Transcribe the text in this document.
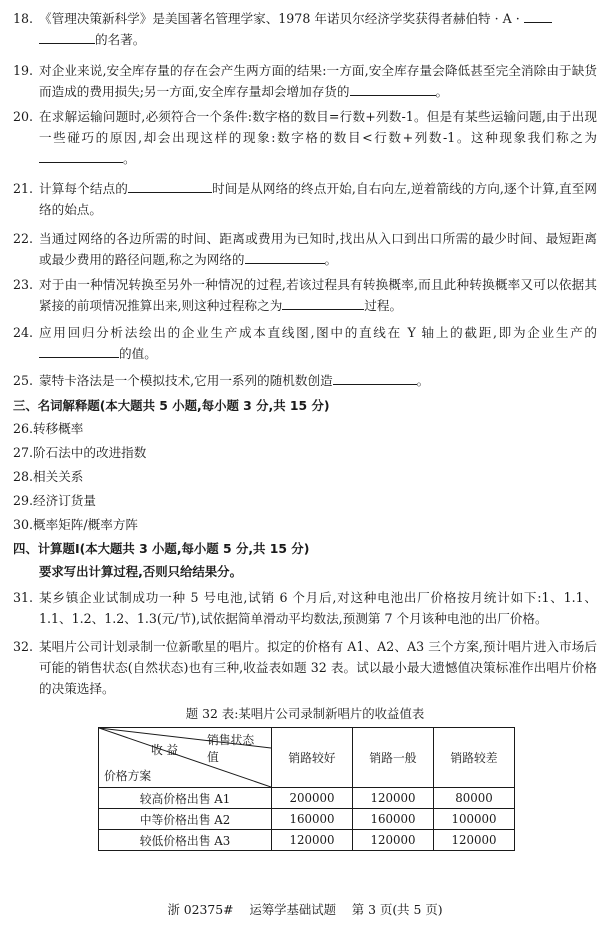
18. 《管理决策新科学》是美国著名管理学家、1978 年诺贝尔经济学奖获得者赫伯特 · A ·
的名著。
19. 对企业来说,安全库存量的存在会产生两方面的结果:一方面,安全库存量会降低甚至完全消除由于缺货而造成的费用损失;另一方面,安全库存量却会增加存货的	。
20. 在求解运输问题时,必须符合一个条件:数字格的数目=行数+列数-1。但是有某些运输问题,由于出现一些碰巧的原因,却会出现这样的现象:数字格的数目<行数+列数-1。这种现象我们称之为。
21. 计算每个结点的	时间是从网络的终点开始,自右向左,逆着箭线的方向,逐个计算,直至网络的始点。
22. 当通过网络的各边所需的时间、距离或费用为已知时,找出从入口到出口所需的最少时间、最短距离或最少费用的路径问题,称之为网络的	。
23. 对于由一种情况转换至另外一种情况的过程,若该过程具有转换概率,而且此种转换概率又可以依据其紧接的前项情况推算出来,则这种过程称之为	过程。
24. 应用回归分析法绘出的企业生产成本直线图,图中的直线在 Y 轴上的截距,即为企业生产的的值。
25. 蒙特卡洛法是一个模拟技术,它用一系列的随机数创造	。
三、名词解释题(本大题共 5 小题,每小题 3 分,共 15 分)
26.转移概率
27.阶石法中的改进指数
28.相关关系
29.经济订货量
30.概率矩阵/概率方阵
四、计算题Ⅰ(本大题共 3 小题,每小题 5 分,共 15 分)
要求写出计算过程,否则只给结果分。
31. 某乡镇企业试制成功一种 5 号电池,试销 6 个月后,对这种电池出厂价格按月统计如下:1、1.1、1.1、1.2、1.2、1.3(元/节),试依据简单滑动平均数法,预测第 7 个月该种电池的出厂价格。
32. 某唱片公司计划录制一位新歌星的唱片。拟定的价格有 A1、A2、A3 三个方案,预计唱片进入市场后可能的销售状态(自然状态)也有三种,收益表如题 32 表。试以最小最大遗憾值决策标准作出唱片价格的决策选择。
题 32 表:某唱片公司录制新唱片的收益值表
销售状态
收 益 值
价格方案	销路较好	销路一般	销路较差
较高价格出售 A1	200000	120000	80000
中等价格出售 A2	160000	160000	100000
较低价格出售 A3	120000	120000	120000
浙 02375#    运筹学基础试题    第 3 页(共 5 页)
